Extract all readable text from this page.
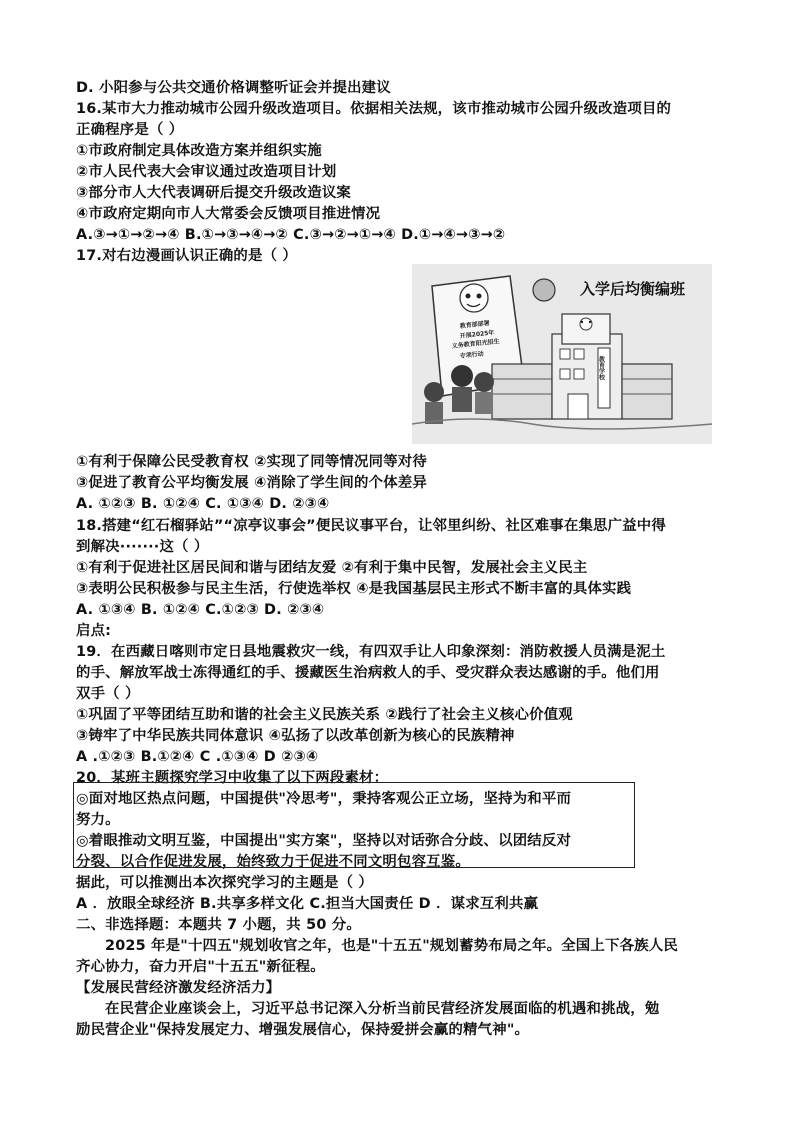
D. 小阳参与公共交通价格调整听证会并提出建议
16.某市大力推动城市公园升级改造项目。依据相关法规，该市推动城市公园升级改造项目的
正确程序是（ ）
①市政府制定具体改造方案并组织实施
②市人民代表大会审议通过改造项目计划
③部分市人大代表调研后提交升级改造议案
④市政府定期向市人大常委会反馈项目推进情况
A.③→①→②→④ B.①→③→④→② C.③→②→①→④ D.①→④→③→②
17.对右边漫画认识正确的是（ ）
①有利于保障公民受教育权 ②实现了同等情况同等对待
③促进了教育公平均衡发展 ④消除了学生间的个体差异
A. ①②③ B. ①②④ C. ①③④ D. ②③④
18.搭建“红石榴驿站”“凉亭议事会”便民议事平台，让邻里纠纷、社区难事在集思广益中得
到解决·······这（ ）
①有利于促进社区居民间和谐与团结友爱 ②有利于集中民智，发展社会主义民主
③表明公民积极参与民主生活，行使选举权 ④是我国基层民主形式不断丰富的具体实践
A. ①③④ B. ①②④ C.①②③ D. ②③④
启点:
19．在西藏日喀则市定日县地震救灾一线，有四双手让人印象深刻：消防救援人员满是泥土
的手、解放军战士冻得通红的手、援藏医生治病救人的手、受灾群众表达感谢的手。他们用
双手（ ）
①巩固了平等团结互助和谐的社会主义民族关系 ②践行了社会主义核心价值观
③铸牢了中华民族共同体意识 ④弘扬了以改革创新为核心的民族精神
A .①②③ B.①②④ C .①③④ D ②③④
20．某班主题探究学习中收集了以下两段素材：
◎面对地区热点问题，中国提供"冷思考"，秉持客观公正立场，坚持为和平而
努力。
◎着眼推动文明互鉴，中国提出"实方案"，坚持以对话弥合分歧、以团结反对
分裂、以合作促进发展，始终致力于促进不同文明包容互鉴。
据此，可以推测出本次探究学习的主题是（ ）
A ．放眼全球经济 B.共享多样文化 C.担当大国责任 D ．谋求互利共赢
二、非选择题：本题共 7 小题，共 50 分。
2025 年是"十四五"规划收官之年，也是"十五五"规划蓄势布局之年。全国上下各族人民
齐心协力，奋力开启"十五五"新征程。
【发展民营经济激发经济活力】
在民营企业座谈会上，习近平总书记深入分析当前民营经济发展面临的机遇和挑战，勉
励民营企业"保持发展定力、增强发展信心，保持爱拼会赢的精气神"。
教育部部署
开展2025年
义务教育阳光招生
专项行动
入学后均衡编班
教育学校
